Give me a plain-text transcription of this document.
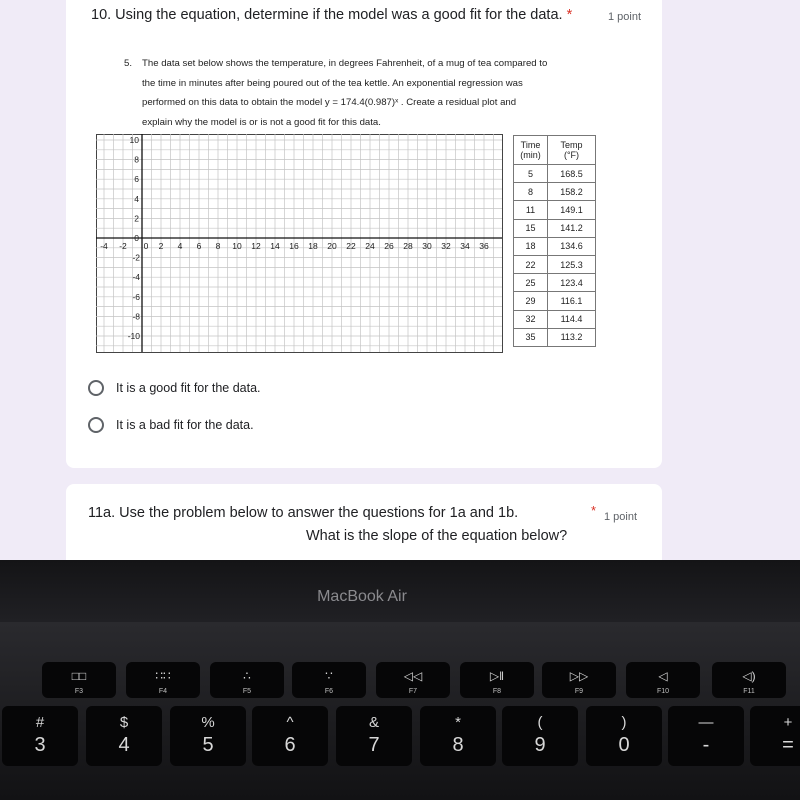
10. Using the equation, determine if the model was a good fit for the data. *	1 point
5. The data set below shows the temperature, in degrees Fahrenheit, of a mug of tea compared to
the time in minutes after being poured out of the tea kettle. An exponential regression was
performed on this data to obtain the model y = 174.4(0.987)ˣ . Create a residual plot and
explain why the model is or is not a good fit for this data.
-4 -2 0 2 4 6 8 10 12 14 16 18 20 22 24 26 28 30 32 34 36
10
8
6
4
2
0
-2
-4
-6
-8
-10
Time
(min)	Temp
(°F)
5	168.5
8	158.2
11	149.1
15	141.2
18	134.6
22	125.3
25	123.4
29	116.1
32	114.4
35	113.2
It is a good fit for the data.
It is a bad fit for the data.
11a. Use the problem below to answer the questions for 1a and 1b.	* 1 point
What is the slope of the equation below?
MacBook Air
□□
F3
∷∷
F4
∴
F5
∵
F6
◁◁
F7
▷‖
F8
▷▷
F9
◁
F10
◁)
F11
#
3
$
4
%
5
^
6
&
7
*
8
(
9
)
0
—
-
+
=
